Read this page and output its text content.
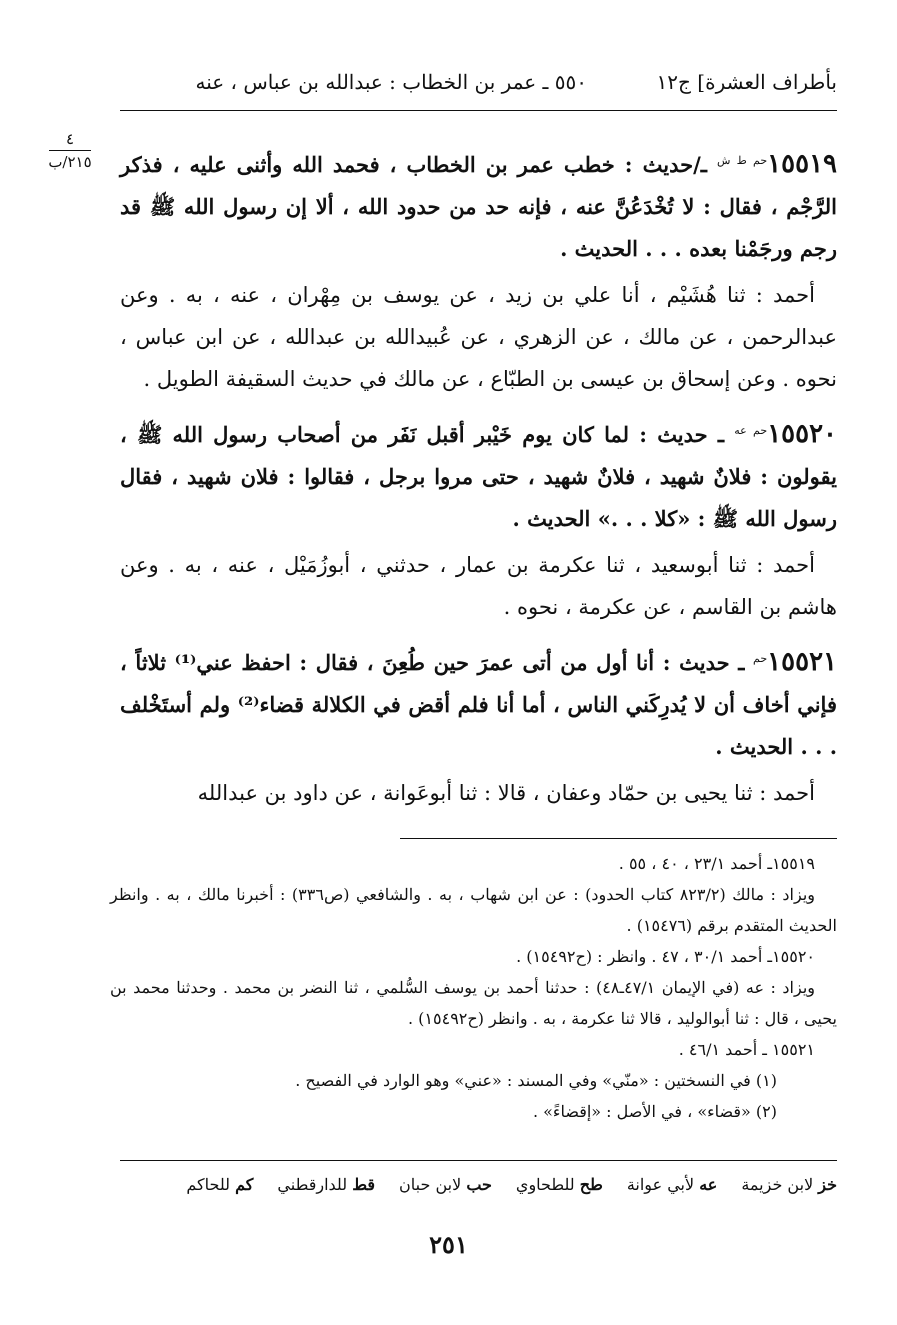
بأطراف العشرة] ج١٢
٥٥٠ ـ عمر بن الخطاب : عبدالله بن عباس ، عنه
٤
٢١٥/ب	$١٥٥١٩^{حم ط ش}$ ـ/حديث : خطب عمر بن الخطاب ، فحمد الله وأثنى عليه ، فذكر الرَّجْم ، فقال : لا تُخْدَعُنَّ عنه ، فإنه حد من حدود الله ، ألا إن رسول الله ﷺ قد رجم ورجَمْنا بعده . . . الحديث .

أحمد : ثنا هُشَيْم ، أنا علي بن زيد ، عن يوسف بن مِهْران ، عنه ، به . وعن عبدالرحمن ، عن مالك ، عن الزهري ، عن عُبيدالله بن عبدالله ، عن ابن عباس ، نحوه . وعن إسحاق بن عيسى بن الطبّاع ، عن مالك في حديث السقيفة الطويل .

$١٥٥٢٠^{حم عه}$ ـ حديث : لما كان يوم خَيْبر أقبل نَفَر من أصحاب رسول الله ﷺ ، يقولون : فلانٌ شهيد ، فلانٌ شهيد ، حتى مروا برجل ، فقالوا : فلان شهيد ، فقال رسول الله ﷺ : «كلا . . .» الحديث .

أحمد : ثنا أبوسعيد ، ثنا عكرمة بن عمار ، حدثني ، أبوزُمَيْل ، عنه ، به . وعن هاشم بن القاسم ، عن عكرمة ، نحوه .

$١٥٥٢١^{حم}$ ـ حديث : أنا أول من أتى عمرَ حين طُعِنَ ، فقال : احفظ عني⁽¹⁾ ثلاثاً ، فإني أخاف أن لا يُدرِكَني الناس ، أما أنا فلم أقض في الكلالة قضاء⁽²⁾ ولم أستَخْلف . . . الحديث .

أحمد : ثنا يحيى بن حمّاد وعفان ، قالا : ثنا أبوعَوانة ، عن داود بن عبدالله

١٥٥١٩ـ أحمد ٢٣/١ ، ٤٠ ، ٥٥ .

ويزاد : مالك (٨٢٣/٢ كتاب الحدود) : عن ابن شهاب ، به . والشافعي (ص٣٣٦) : أخبرنا مالك ، به . وانظر الحديث المتقدم برقم (١٥٤٧٦) .

١٥٥٢٠ـ أحمد ٣٠/١ ، ٤٧ . وانظر : (ح١٥٤٩٢) .

ويزاد : عه (في الإيمان ٤٧/١ـ٤٨) : حدثنا أحمد بن يوسف السُّلمي ، ثنا النضر بن محمد . وحدثنا محمد بن يحيى ، قال : ثنا أبوالوليد ، قالا ثنا عكرمة ، به . وانظر (ح١٥٤٩٢) .

١٥٥٢١ ـ أحمد ٤٦/١ .

(١) في النسختين : «منّي» وفي المسند : «عني» وهو الوارد في الفصيح .

(٢) «قضاء» ، في الأصل : «إقضاءً» .

خز لابن خزيمة
عه لأبي عوانة
طح للطحاوي
حب لابن حبان
قط للدارقطني
كم للحاكم
٢٥١
